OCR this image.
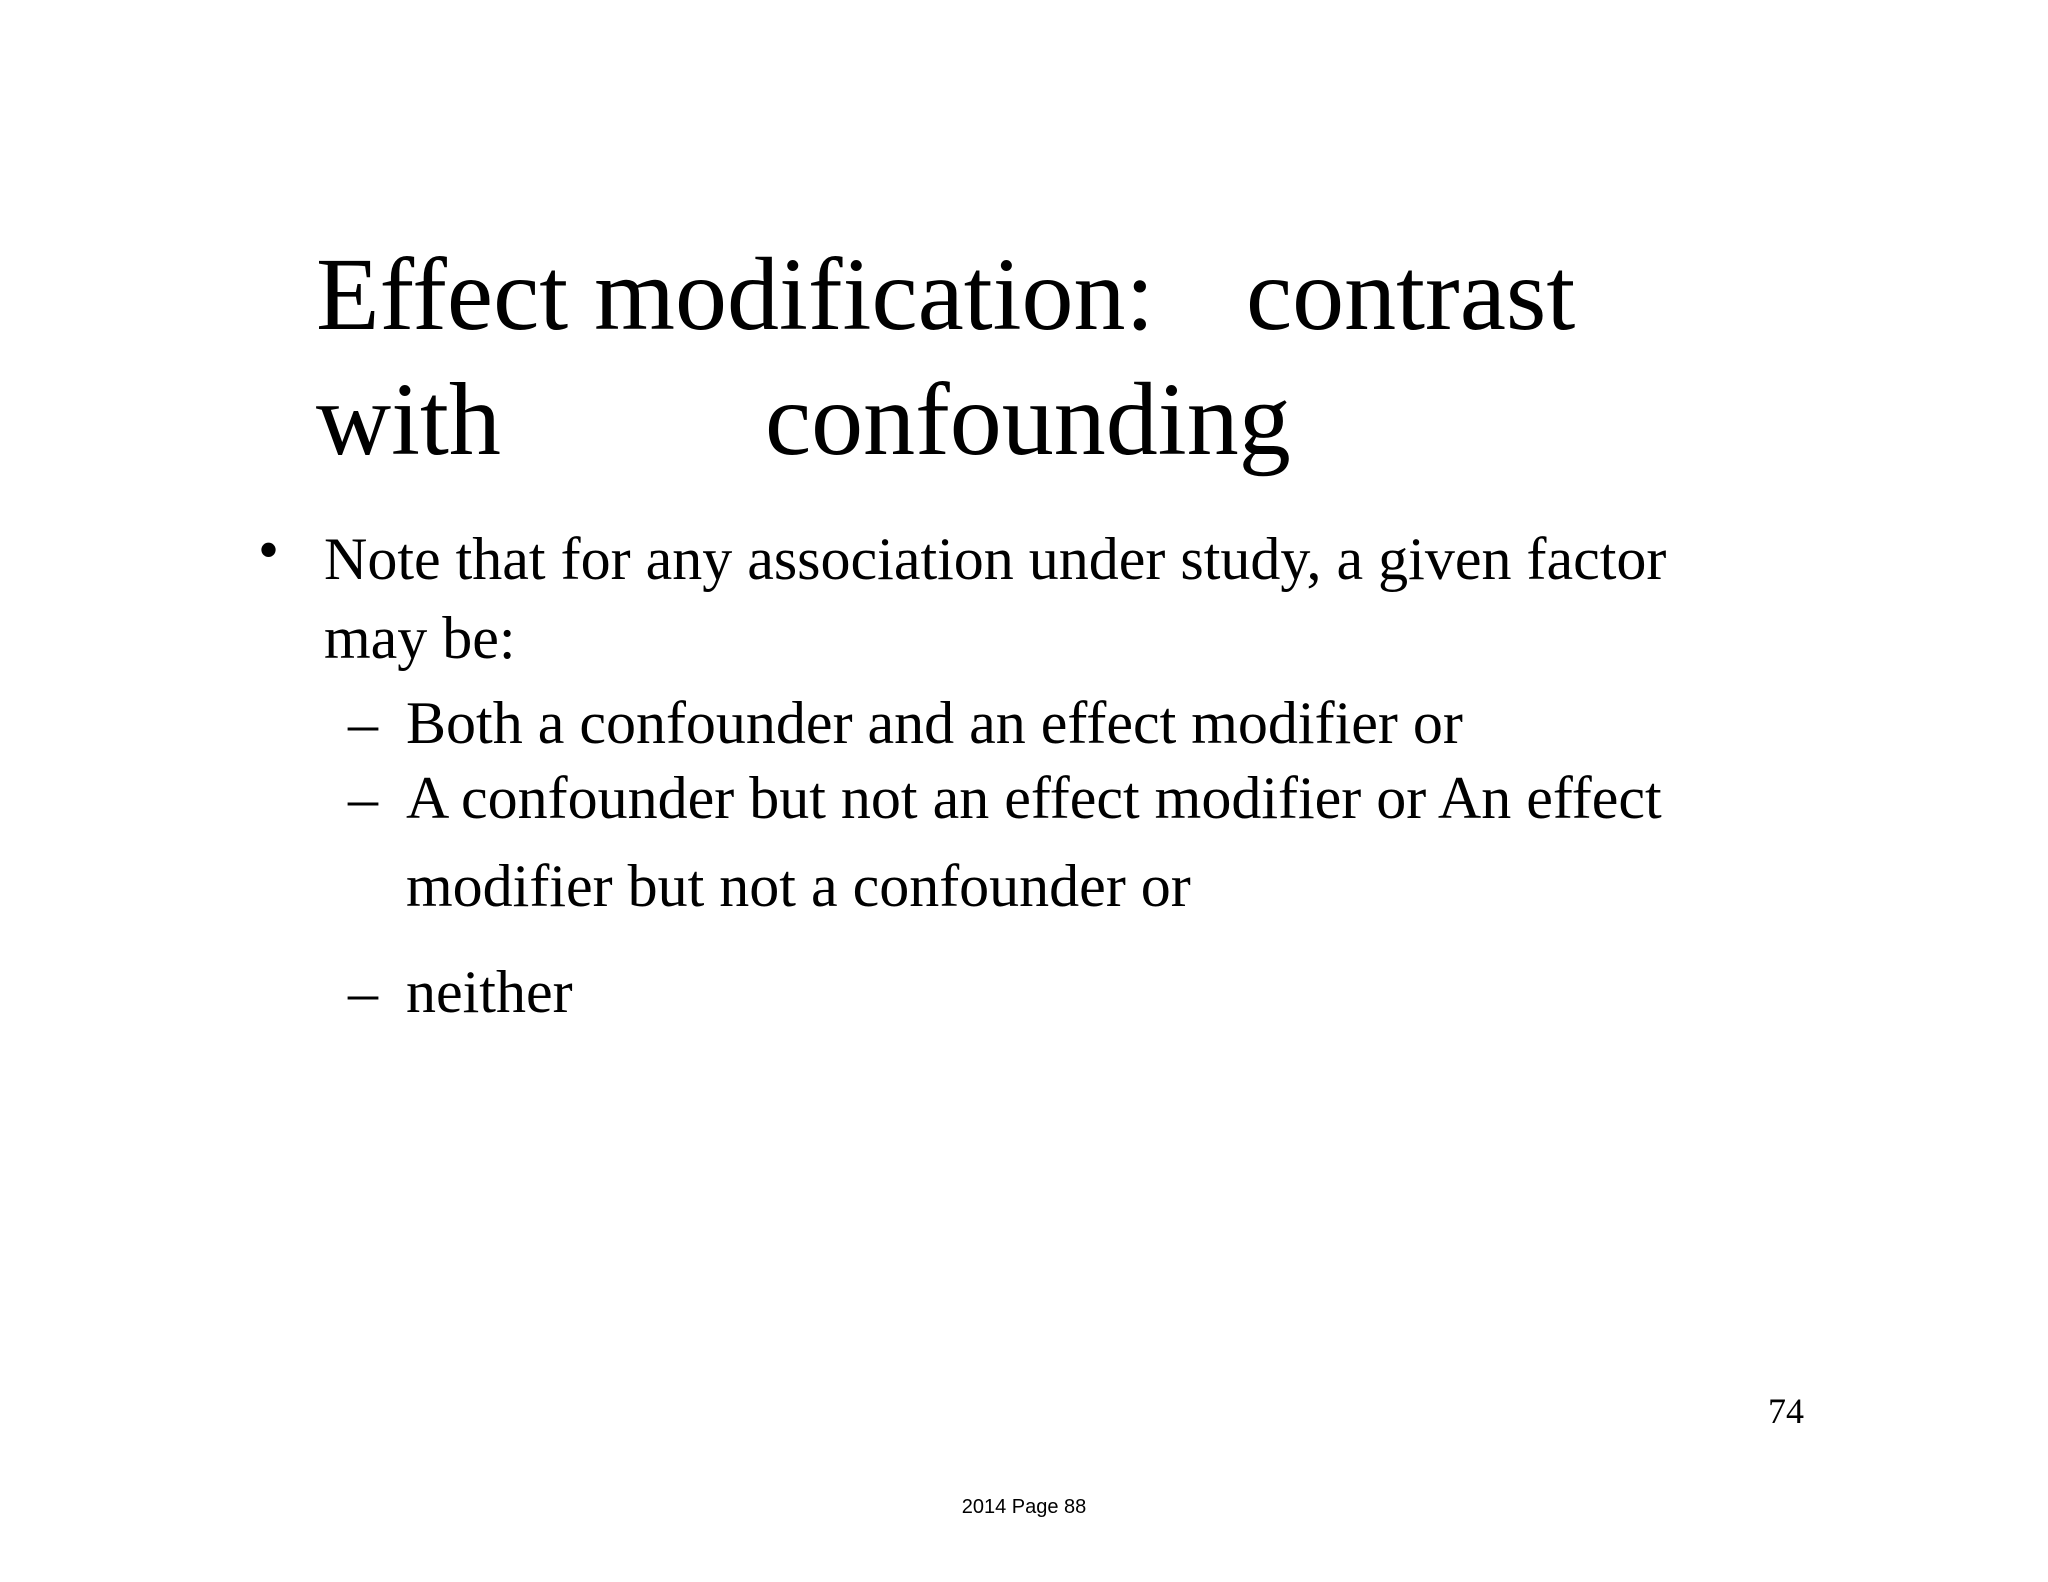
Effect modification: contrast
with	confounding
• Note that for any association under study, a given factor
may be:
– Both a confounder and an effect modifier or
– A confounder but not an effect modifier or An effect
modifier but not a confounder or
– neither
74
2014 Page 88
